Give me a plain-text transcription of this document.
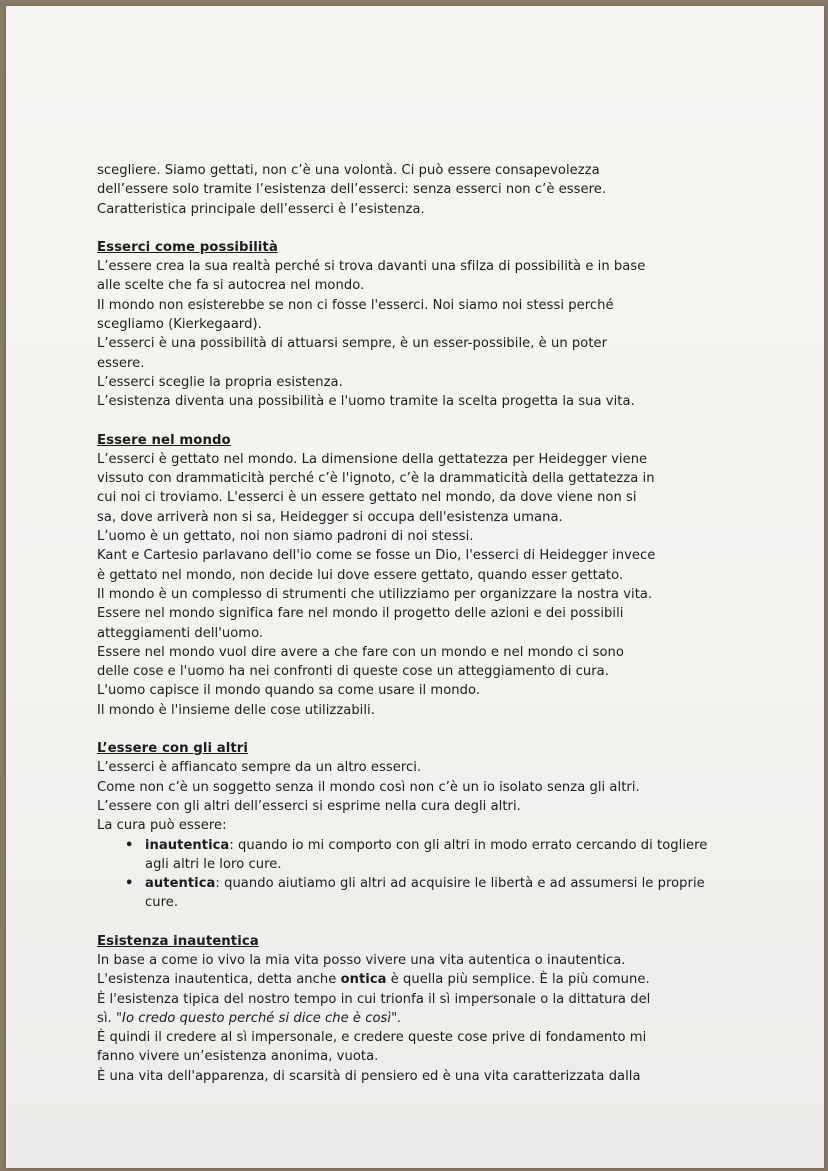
scegliere. Siamo gettati, non c’è una volontà. Ci può essere consapevolezza

dell’essere solo tramite l’esistenza dell’esserci: senza esserci non c’è essere.

Caratteristica principale dell’esserci è l’esistenza.

Esserci come possibilità

L’essere crea la sua realtà perché si trova davanti una sfilza di possibilità e in base

alle scelte che fa si autocrea nel mondo.

Il mondo non esisterebbe se non ci fosse l'esserci. Noi siamo noi stessi perché

scegliamo (Kierkegaard).

L’esserci è una possibilità di attuarsi sempre, è un esser-possibile, è un poter

essere.

L’esserci sceglie la propria esistenza.

L’esistenza diventa una possibilità e l'uomo tramite la scelta progetta la sua vita.

Essere nel mondo

L’esserci è gettato nel mondo. La dimensione della gettatezza per Heidegger viene

vissuto con drammaticità perché c’è l'ignoto, c’è la drammaticità della gettatezza in

cui noi ci troviamo. L'esserci è un essere gettato nel mondo, da dove viene non si

sa, dove arriverà non si sa, Heidegger si occupa dell'esistenza umana.

L’uomo è un gettato, noi non siamo padroni di noi stessi.

Kant e Cartesio parlavano dell'io come se fosse un Dio, l'esserci di Heidegger invece

è gettato nel mondo, non decide lui dove essere gettato, quando esser gettato.

Il mondo è un complesso di strumenti che utilizziamo per organizzare la nostra vita.

Essere nel mondo significa fare nel mondo il progetto delle azioni e dei possibili

atteggiamenti dell'uomo.

Essere nel mondo vuol dire avere a che fare con un mondo e nel mondo ci sono

delle cose e l'uomo ha nei confronti di queste cose un atteggiamento di cura.

L'uomo capisce il mondo quando sa come usare il mondo.

Il mondo è l'insieme delle cose utilizzabili.

L’essere con gli altri

L’esserci è affiancato sempre da un altro esserci.

Come non c’è un soggetto senza il mondo così non c’è un io isolato senza gli altri.

L’essere con gli altri dell’esserci si esprime nella cura degli altri.

La cura può essere:

• inautentica: quando io mi comporto con gli altri in modo errato cercando di togliere agli altri le loro cure.
• autentica: quando aiutiamo gli altri ad acquisire le libertà e ad assumersi le proprie cure.
Esistenza inautentica

In base a come io vivo la mia vita posso vivere una vita autentica o inautentica.

L'esistenza inautentica, detta anche ontica è quella più semplice. È la più comune.

È l'esistenza tipica del nostro tempo in cui trionfa il sì impersonale o la dittatura del

sì. "Io credo questo perché si dice che è così".

È quindi il credere al sì impersonale, e credere queste cose prive di fondamento mi

fanno vivere un’esistenza anonima, vuota.

È una vita dell'apparenza, di scarsità di pensiero ed è una vita caratterizzata dalla
